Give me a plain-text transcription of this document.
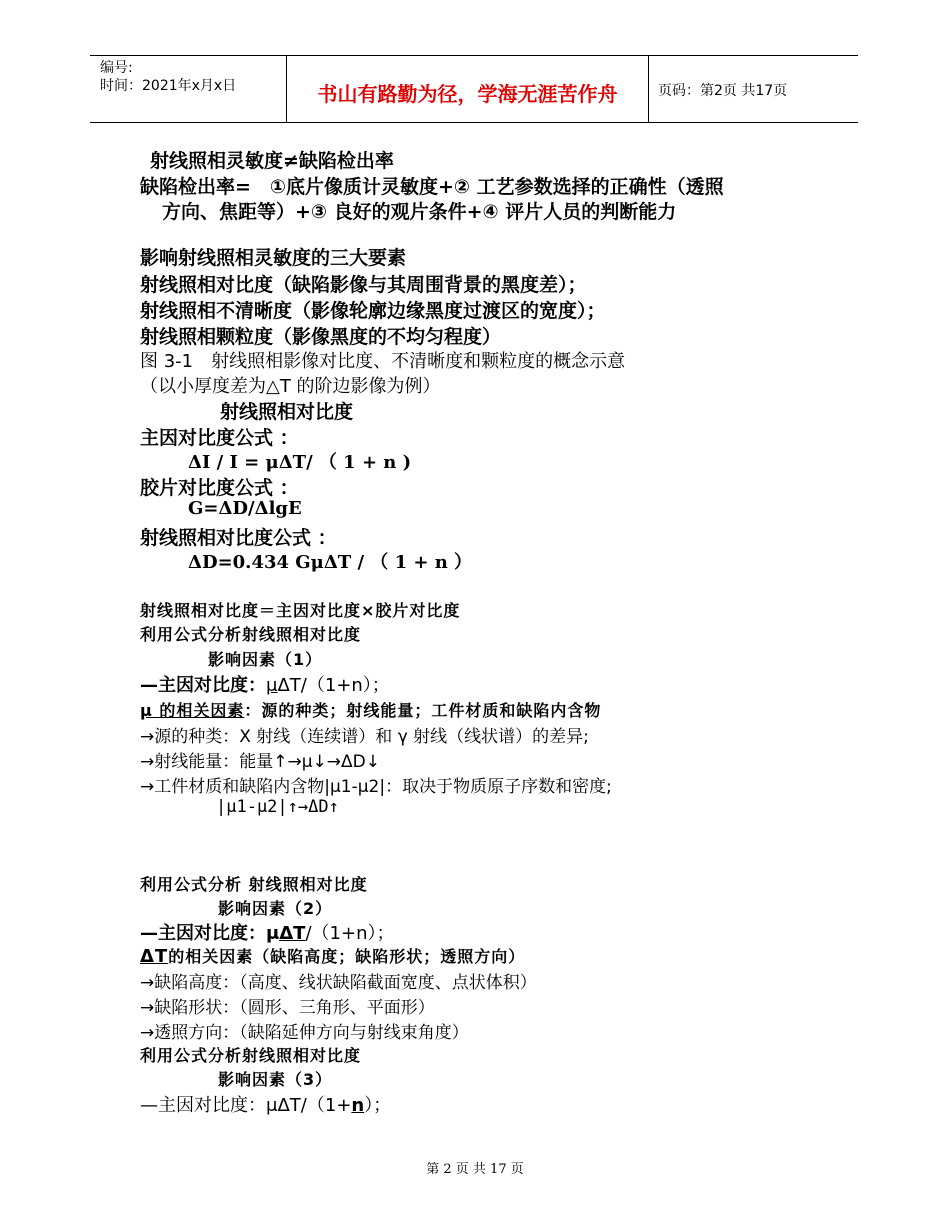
编号:
时间：2021年x月x日	书山有路勤为径，学海无涯苦作舟	页码：第2页 共17页
射线照相灵敏度≠缺陷检出率
缺陷检出率=　①底片像质计灵敏度+② 工艺参数选择的正确性（透照
方向、焦距等）+③ 良好的观片条件+④ 评片人员的判断能力
影响射线照相灵敏度的三大要素
射线照相对比度（缺陷影像与其周围背景的黑度差）；
射线照相不清晰度（影像轮廓边缘黑度过渡区的宽度）；
射线照相颗粒度（影像黑度的不均匀程度）
图 3-1　射线照相影像对比度、不清晰度和颗粒度的概念示意
（以小厚度差为△T 的阶边影像为例）
射线照相对比度
主因对比度公式 ：
ΔI / I = μΔT/ （ 1 + n )
胶片对比度公式 ：
G=ΔD/ΔlgE
射线照相对比度公式 ：
ΔD=0.434 GμΔT / （ 1 + n ）
射线照相对比度＝主因对比度×胶片对比度
利用公式分析射线照相对比度
影响因素（1）
—主因对比度：μΔT/（1+n）；
μ 的相关因素：源的种类；射线能量；工件材质和缺陷内含物
→源的种类：X 射线（连续谱）和 γ 射线（线状谱）的差异;
→射线能量：能量↑→μ↓→ΔD↓
→工件材质和缺陷内含物|μ1-μ2|：取决于物质原子序数和密度;
|μ1-μ2|↑→ΔD↑
利用公式分析 射线照相对比度
影响因素（2）
—主因对比度：μΔT/（1+n）；
ΔT的相关因素（缺陷高度；缺陷形状；透照方向）
→缺陷高度：（高度、线状缺陷截面宽度、点状体积）
→缺陷形状：（圆形、三角形、平面形）
→透照方向：（缺陷延伸方向与射线束角度）
利用公式分析射线照相对比度
影响因素（3）
—主因对比度：μΔT/（1+n）；
第 2 页 共 17 页
